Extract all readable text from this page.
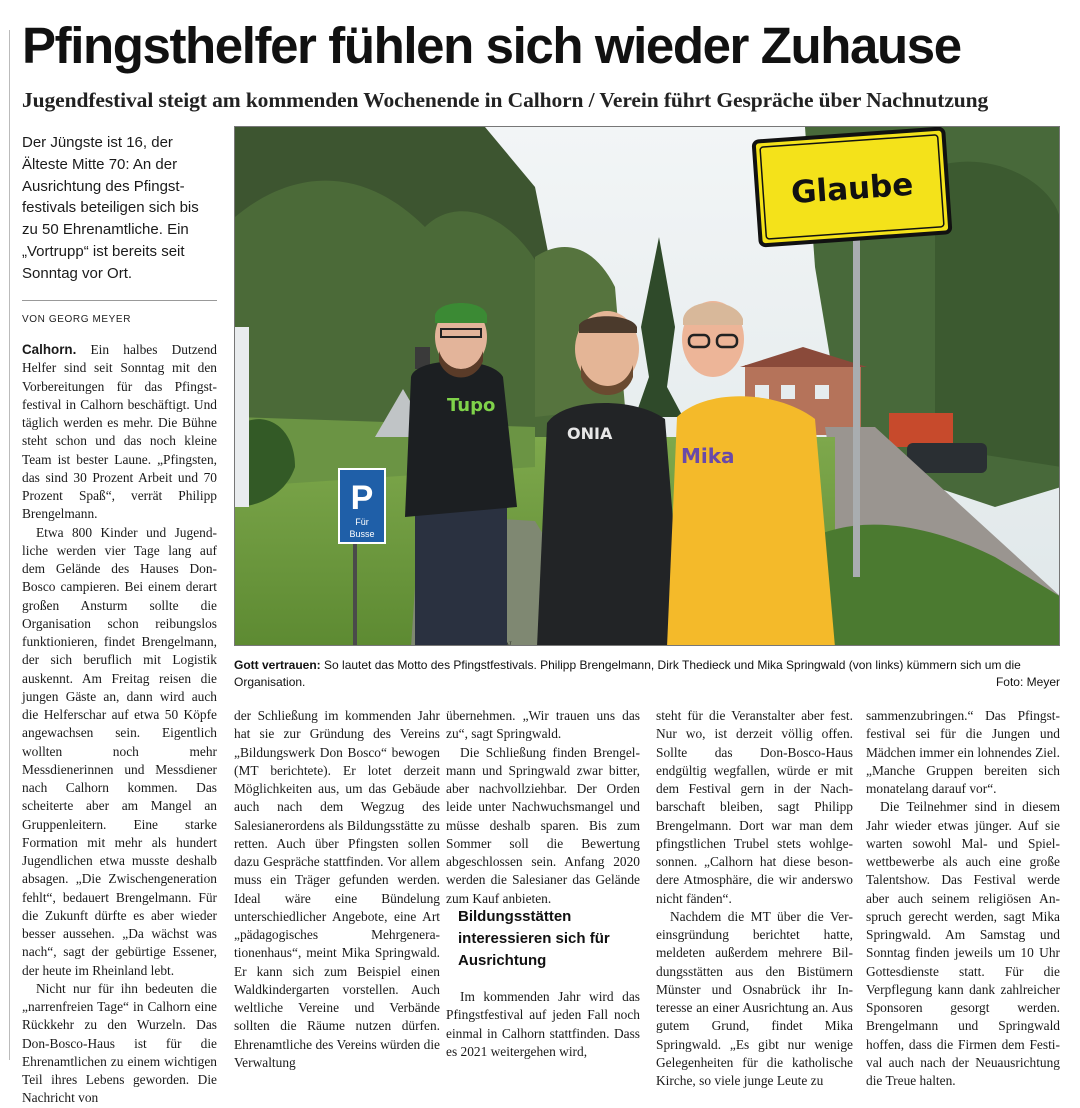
Pfingsthelfer fühlen sich wieder Zuhause
Jugendfestival steigt am kommenden Wochenende in Calhorn / Verein führt Gespräche über Nachnutzung

Der Jüngste ist 16, der Älteste Mitte 70: An der Ausrichtung des Pfingstfestivals beteiligen sich bis zu 50 Ehrenamtliche. Ein „Vortrupp“ ist bereits seit Sonntag vor Ort.

VON GEORG MEYER

Calhorn. Ein halbes Dutzend Helfer sind seit Sonntag mit den Vorbereitungen für das Pfingstfestival in Calhorn beschäftigt. Und täglich werden es mehr. Die Bühne steht schon und das noch kleine Team ist bester Laune. „Pfingsten, das sind 30 Prozent Arbeit und 70 Prozent Spaß“, verrät Philipp Brengelmann.

Etwa 800 Kinder und Jugendliche werden vier Tage lang auf dem Gelände des Hauses Don-Bosco campieren. Bei einem derart großen Ansturm sollte die Organisation schon reibungslos funktionieren, findet Brengelmann, der sich beruflich mit Logistik auskennt. Am Freitag reisen die jungen Gäste an, dann wird auch die Helferschar auf etwa 50 Köpfe angewachsen sein. Eigentlich wollten noch mehr Messdienerinnen und Messdiener nach Calhorn kommen. Das scheiterte aber am Mangel an Gruppenleitern. Eine starke Formation mit mehr als hundert Jugendlichen etwa musste deshalb absagen. „Die Zwischengeneration fehlt“, bedauert Brengelmann. Für die Zukunft dürfte es aber wieder besser aussehen. „Da wächst was nach“, sagt der gebürtige Essener, der heute im Rheinland lebt.

Nicht nur für ihn bedeuten die „narrenfreien Tage“ in Calhorn eine Rückkehr zu den Wurzeln. Das Don-Bosco-Haus ist für die Ehrenamtlichen zu einem wichtigen Teil ihres Lebens geworden. Die Nachricht von

P
Für
Busse
Glaube
Tupo
ONIA
Mika

Gott vertrauen: So lautet das Motto des Pfingstfestivals. Philipp Brengelmann, Dirk Thedieck und Mika Springwald (von links) kümmern sich um die Organisation.	Foto: Meyer

der Schließung im kommenden Jahr hat sie zur Gründung des Vereins „Bildungswerk Don Bosco“ bewogen (MT berichtete). Er lotet derzeit Möglichkeiten aus, um das Gebäude auch nach dem Wegzug des Salesianerordens als Bildungsstätte zu retten. Auch über Pfingsten sollen dazu Gespräche stattfinden. Vor allem muss ein Träger gefunden werden. Ideal wäre eine Bündelung unterschiedlicher Angebote, eine Art „pädagogisches Mehrgenerationenhaus“, meint Mika Springwald. Er kann sich zum Beispiel einen Waldkindergarten vorstellen. Auch weltliche Vereine und Verbände sollten die Räume nutzen dürfen. Ehrenamtliche des Vereins würden die Verwaltung

übernehmen. „Wir trauen uns das zu“, sagt Springwald.

Die Schließung finden Brengelmann und Springwald zwar bitter, aber nachvollziehbar. Der Orden leide unter Nachwuchsmangel und müsse deshalb sparen. Bis zum Sommer soll die Bewertung abgeschlossen sein. Anfang 2020 werden die Salesianer das Gelände zum Kauf anbieten.

Bildungsstätten interessieren sich für Ausrichtung

Im kommenden Jahr wird das Pfingstfestival auf jeden Fall noch einmal in Calhorn stattfinden. Dass es 2021 weitergehen wird,

steht für die Veranstalter aber fest. Nur wo, ist derzeit völlig offen. Sollte das Don-Bosco-Haus endgültig wegfallen, würde er mit dem Festival gern in der Nachbarschaft bleiben, sagt Philipp Brengelmann. Dort war man dem pfingstlichen Trubel stets wohlgesonnen. „Calhorn hat diese besondere Atmosphäre, die wir anderswo nicht fänden“.

Nachdem die MT über die Vereinsgründung berichtet hatte, meldeten außerdem mehrere Bildungsstätten aus den Bistümern Münster und Osnabrück ihr Interesse an einer Ausrichtung an. Aus gutem Grund, findet Mika Springwald. „Es gibt nur wenige Gelegenheiten für die katholische Kirche, so viele junge Leute zu

sammenzubringen.“ Das Pfingstfestival sei für die Jungen und Mädchen immer ein lohnendes Ziel. „Manche Gruppen bereiten sich monatelang darauf vor“.

Die Teilnehmer sind in diesem Jahr wieder etwas jünger. Auf sie warten sowohl Mal- und Spielwettbewerbe als auch eine große Talentshow. Das Festival werde aber auch seinem religiösen Anspruch gerecht werden, sagt Mika Springwald. Am Samstag und Sonntag finden jeweils um 10 Uhr Gottesdienste statt. Für die Verpflegung kann dank zahlreicher Sponsoren gesorgt werden. Brengelmann und Springwald hoffen, dass die Firmen dem Festival auch nach der Neuausrichtung die Treue halten.
